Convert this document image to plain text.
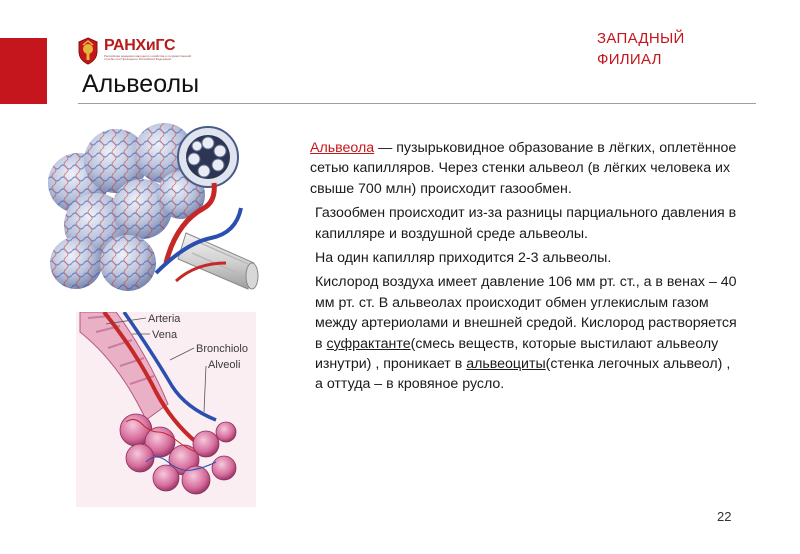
РАНХиГС
Российская академия народного хозяйства и государственной службы при Президенте Российской Федерации
ЗАПАДНЫЙ
ФИЛИАЛ
Альвеолы
Arteria
Vena
Bronchiolo
Alveoli

Альвеола — пузырьковидное образование в лёгких, оплетённое сетью капилляров. Через стенки альвеол (в лёгких человека их свыше 700 млн) происходит газообмен.

Газообмен происходит из-за разницы парциального давления в капилляре и воздушной среде альвеолы.

На один капилляр приходится 2-3 альвеолы.

Кислород воздуха имеет давление 106 мм рт. ст., а в венах – 40 мм рт. ст. В альвеолах происходит обмен углекислым газом между артериолами и внешней средой. Кислород растворяется в суфрактанте(смесь веществ, которые выстилают альвеолу изнутри) , проникает в альвеоциты(стенка легочных альвеол) , а оттуда – в кровяное русло.

22
